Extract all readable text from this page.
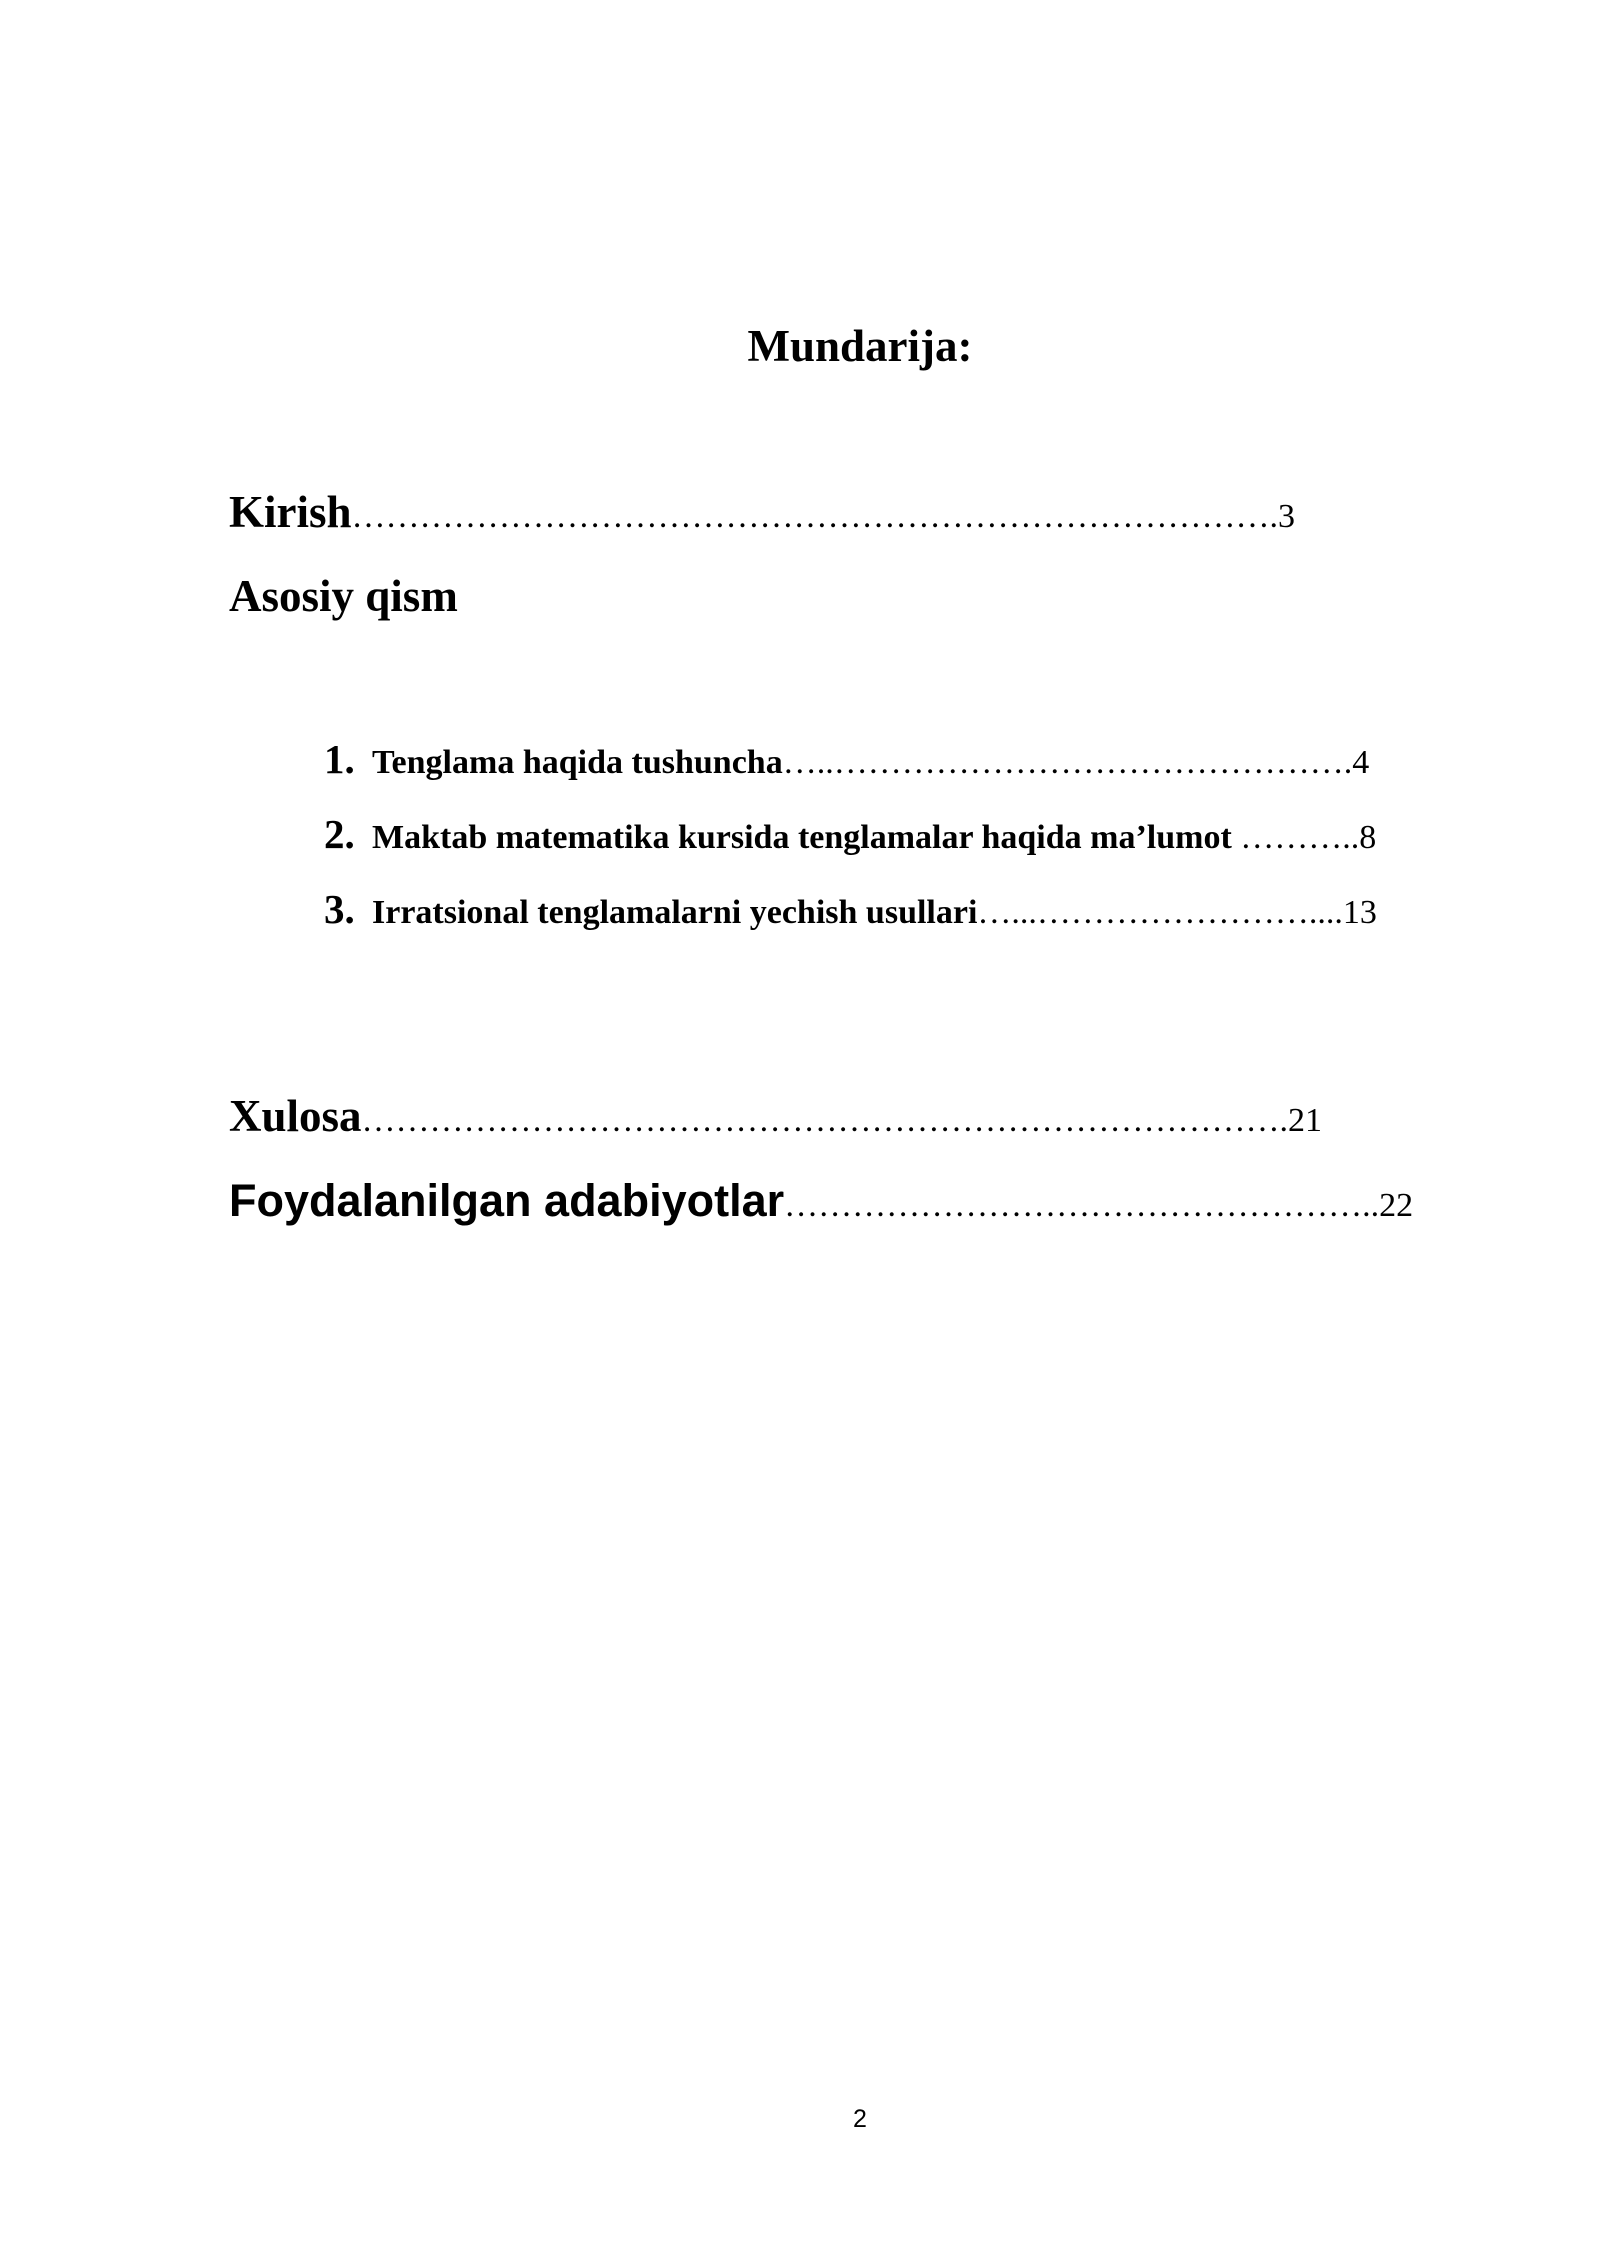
Mundarija:
Kirish……………………………………………………………………….3
Asosiy qism
1. Tenglama haqida tushuncha…..……………………………………….4
2. Maktab matematika kursida tenglamalar haqida ma’lumot ………..8
3. Irratsional tenglamalarni yechish usullari…...……………………....13
Xulosa……………………………………………………………………….21
Foydalanilgan adabiyotlar……………………………………………..22
2
